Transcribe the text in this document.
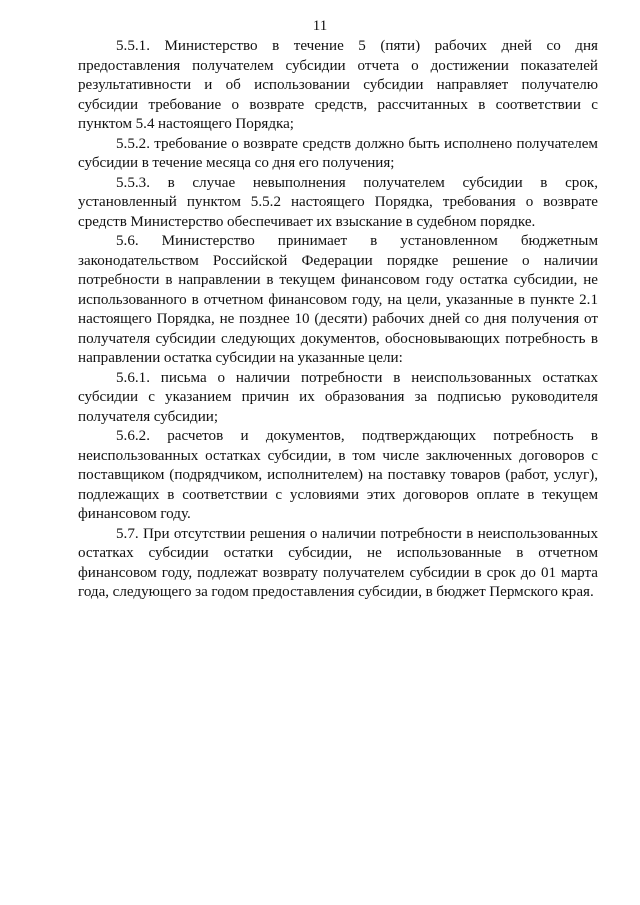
11

5.5.1. Министерство в течение 5 (пяти) рабочих дней со дня предоставления получателем субсидии отчета о достижении показателей результативности и об использовании субсидии направляет получателю субсидии требование о возврате средств, рассчитанных в соответствии с пунктом 5.4 настоящего Порядка;

5.5.2. требование о возврате средств должно быть исполнено получателем субсидии в течение месяца со дня его получения;

5.5.3. в случае невыполнения получателем субсидии в срок, установленный пунктом 5.5.2 настоящего Порядка, требования о возврате средств Министерство обеспечивает их взыскание в судебном порядке.

5.6. Министерство принимает в установленном бюджетным законодательством Российской Федерации порядке решение о наличии потребности в направлении в текущем финансовом году остатка субсидии, не использованного в отчетном финансовом году, на цели, указанные в пункте 2.1 настоящего Порядка, не позднее 10 (десяти) рабочих дней со дня получения от получателя субсидии следующих документов, обосновывающих потребность в направлении остатка субсидии на указанные цели:

5.6.1. письма о наличии потребности в неиспользованных остатках субсидии с указанием причин их образования за подписью руководителя получателя субсидии;

5.6.2. расчетов и документов, подтверждающих потребность в неиспользованных остатках субсидии, в том числе заключенных договоров с поставщиком (подрядчиком, исполнителем) на поставку товаров (работ, услуг), подлежащих в соответствии с условиями этих договоров оплате в текущем финансовом году.

5.7. При отсутствии решения о наличии потребности в неиспользованных остатках субсидии остатки субсидии, не использованные в отчетном финансовом году, подлежат возврату получателем субсидии в срок до 01 марта года, следующего за годом предоставления субсидии, в бюджет Пермского края.
